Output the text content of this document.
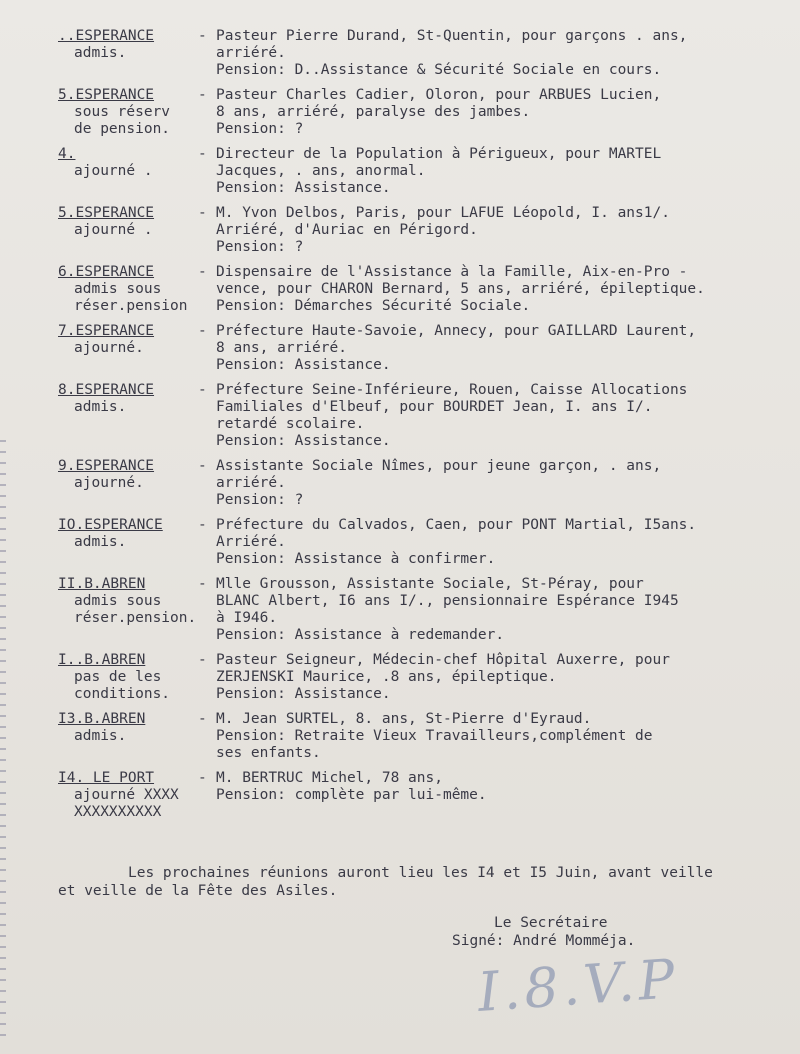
..ESPERANCE
admis.
- Pasteur Pierre Durand, St-Quentin, pour garçons . ans,
arriéré.
Pension: D..Assistance & Sécurité Sociale en cours.
5.ESPERANCE
sous réserv
de pension.
- Pasteur Charles Cadier, Oloron, pour ARBUES Lucien,
8 ans, arriéré, paralyse des jambes.
Pension: ?
4.
ajourné .
- Directeur de la Population à Périgueux, pour MARTEL
Jacques, . ans, anormal.
Pension: Assistance.
5.ESPERANCE
ajourné .
- M. Yvon Delbos, Paris, pour LAFUE Léopold, I. ans1/.
Arriéré, d'Auriac en Périgord.
Pension: ?
6.ESPERANCE
admis sous
réser.pension
- Dispensaire de l'Assistance à la Famille, Aix-en-Pro -
vence, pour CHARON Bernard, 5 ans, arriéré, épileptique.
Pension: Démarches Sécurité Sociale.
7.ESPERANCE
ajourné.
- Préfecture Haute-Savoie, Annecy, pour GAILLARD Laurent,
8 ans, arriéré.
Pension: Assistance.
8.ESPERANCE
admis.
- Préfecture Seine-Inférieure, Rouen, Caisse Allocations
Familiales d'Elbeuf, pour BOURDET Jean, I. ans I/.
retardé scolaire.
Pension: Assistance.
9.ESPERANCE
ajourné.
- Assistante Sociale Nîmes, pour jeune garçon, . ans,
arriéré.
Pension: ?
IO.ESPERANCE
admis.
- Préfecture du Calvados, Caen, pour PONT Martial, I5ans.
Arriéré.
Pension: Assistance à confirmer.
II.B.ABREN
admis sous
réser.pension.
- Mlle Grousson, Assistante Sociale, St-Péray, pour
BLANC Albert, I6 ans I/., pensionnaire Espérance I945
à I946.
Pension: Assistance à redemander.
I..B.ABREN
pas de les
conditions.
- Pasteur Seigneur, Médecin-chef Hôpital Auxerre, pour
ZERJENSKI Maurice, .8 ans, épileptique.
Pension: Assistance.
I3.B.ABREN
admis.
- M. Jean SURTEL, 8. ans, St-Pierre d'Eyraud.
Pension: Retraite Vieux Travailleurs,complément de
ses enfants.
I4. LE PORT
ajourné XXXX
XXXXXXXXXX
- M. BERTRUC Michel, 78 ans,
Pension: complète par lui-même.
Les prochaines réunions auront lieu les I4 et I5 Juin, avant veille et veille de la Fête des Asiles.
Le Secrétaire
Signé: André Momméja.
I.8.V.P
